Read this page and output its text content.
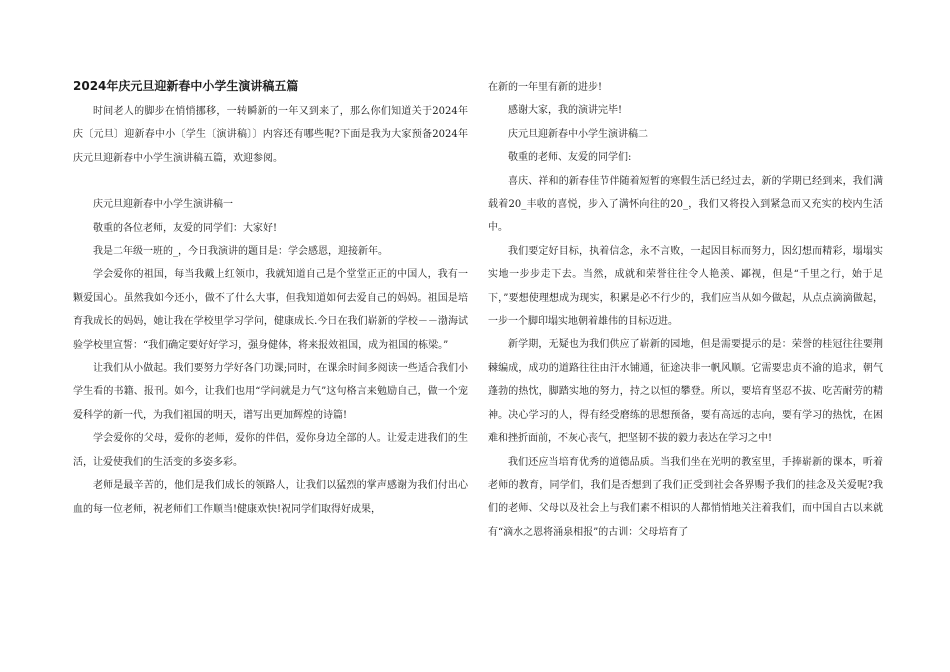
2024年庆元旦迎新春中小学生演讲稿五篇

时间老人的脚步在悄悄挪移，一转瞬新的一年又到来了，那么你们知道关于2024年庆〔元旦〕迎新春中小〔学生〔演讲稿〕〕内容还有哪些呢?下面是我为大家预备2024年庆元旦迎新春中小学生演讲稿五篇，欢迎参阅。

庆元旦迎新春中小学生演讲稿一

敬重的各位老师，友爱的同学们：大家好!

我是二年级一班的_，今日我演讲的题目是：学会感恩，迎接新年。

学会爱你的祖国，每当我戴上红领巾，我就知道自己是个堂堂正正的中国人，我有一颗爱国心。虽然我如今还小，做不了什么大事，但我知道如何去爱自己的妈妈。祖国是培育我成长的妈妈，她让我在学校里学习学问，健康成长.今日在我们崭新的学校－－渤海试验学校里宣誓：“我们确定要好好学习，强身健体，将来报效祖国，成为祖国的栋梁。”

让我们从小做起。我们要努力学好各门功课;同时，在课余时间多阅读一些适合我们小学生看的书籍、报刊。如今，让我们也用“学问就是力气”这句格言来勉励自己，做一个宠爱科学的新一代，为我们祖国的明天，谱写出更加辉煌的诗篇!

学会爱你的父母，爱你的老师，爱你的伴侣，爱你身边全部的人。让爱走进我们的生活，让爱使我们的生活变的多姿多彩。

老师是最辛苦的，他们是我们成长的领路人，让我们以猛烈的掌声感谢为我们付出心血的每一位老师，祝老师们工作顺当!健康欢快!祝同学们取得好成果，

在新的一年里有新的进步!

感谢大家，我的演讲完毕!

庆元旦迎新春中小学生演讲稿二

敬重的老师、友爱的同学们:

喜庆、祥和的新春佳节伴随着短暂的寒假生活已经过去，新的学期已经到来，我们满载着20_丰收的喜悦，步入了满怀向往的20_，我们又将投入到紧急而又充实的校内生活中。

我们要定好目标，执着信念，永不言败，一起因目标而努力，因幻想而精彩，塌塌实实地一步步走下去。当然，成就和荣誉往往令人艳羡、鄙视，但是“千里之行，始于足下，”要想使理想成为现实，积累是必不行少的，我们应当从如今做起，从点点滴滴做起，一步一个脚印塌实地朝着雄伟的目标迈进。

新学期，无疑也为我们供应了崭新的园地，但是需要提示的是：荣誉的桂冠往往要荆棘编成，成功的道路往往由汗水铺通，征途决非一帆风顺。它需要忠贞不渝的追求，朝气蓬勃的热忱，脚踏实地的努力，持之以恒的攀登。所以，要培育坚忍不拔、吃苦耐劳的精神。决心学习的人，得有经受磨练的思想预备，要有高远的志向，要有学习的热忱，在困难和挫折面前，不灰心丧气，把坚韧不拔的毅力表达在学习之中!

我们还应当培育优秀的道德品质。当我们坐在光明的教室里，手捧崭新的课本，听着老师的教育，同学们，我们是否想到了我们正受到社会各界赐予我们的挂念及关爱呢?我们的老师、父母以及社会上与我们素不相识的人都悄悄地关注着我们，而中国自古以来就有“滴水之恩将涌泉相报”的古训：父母培育了
